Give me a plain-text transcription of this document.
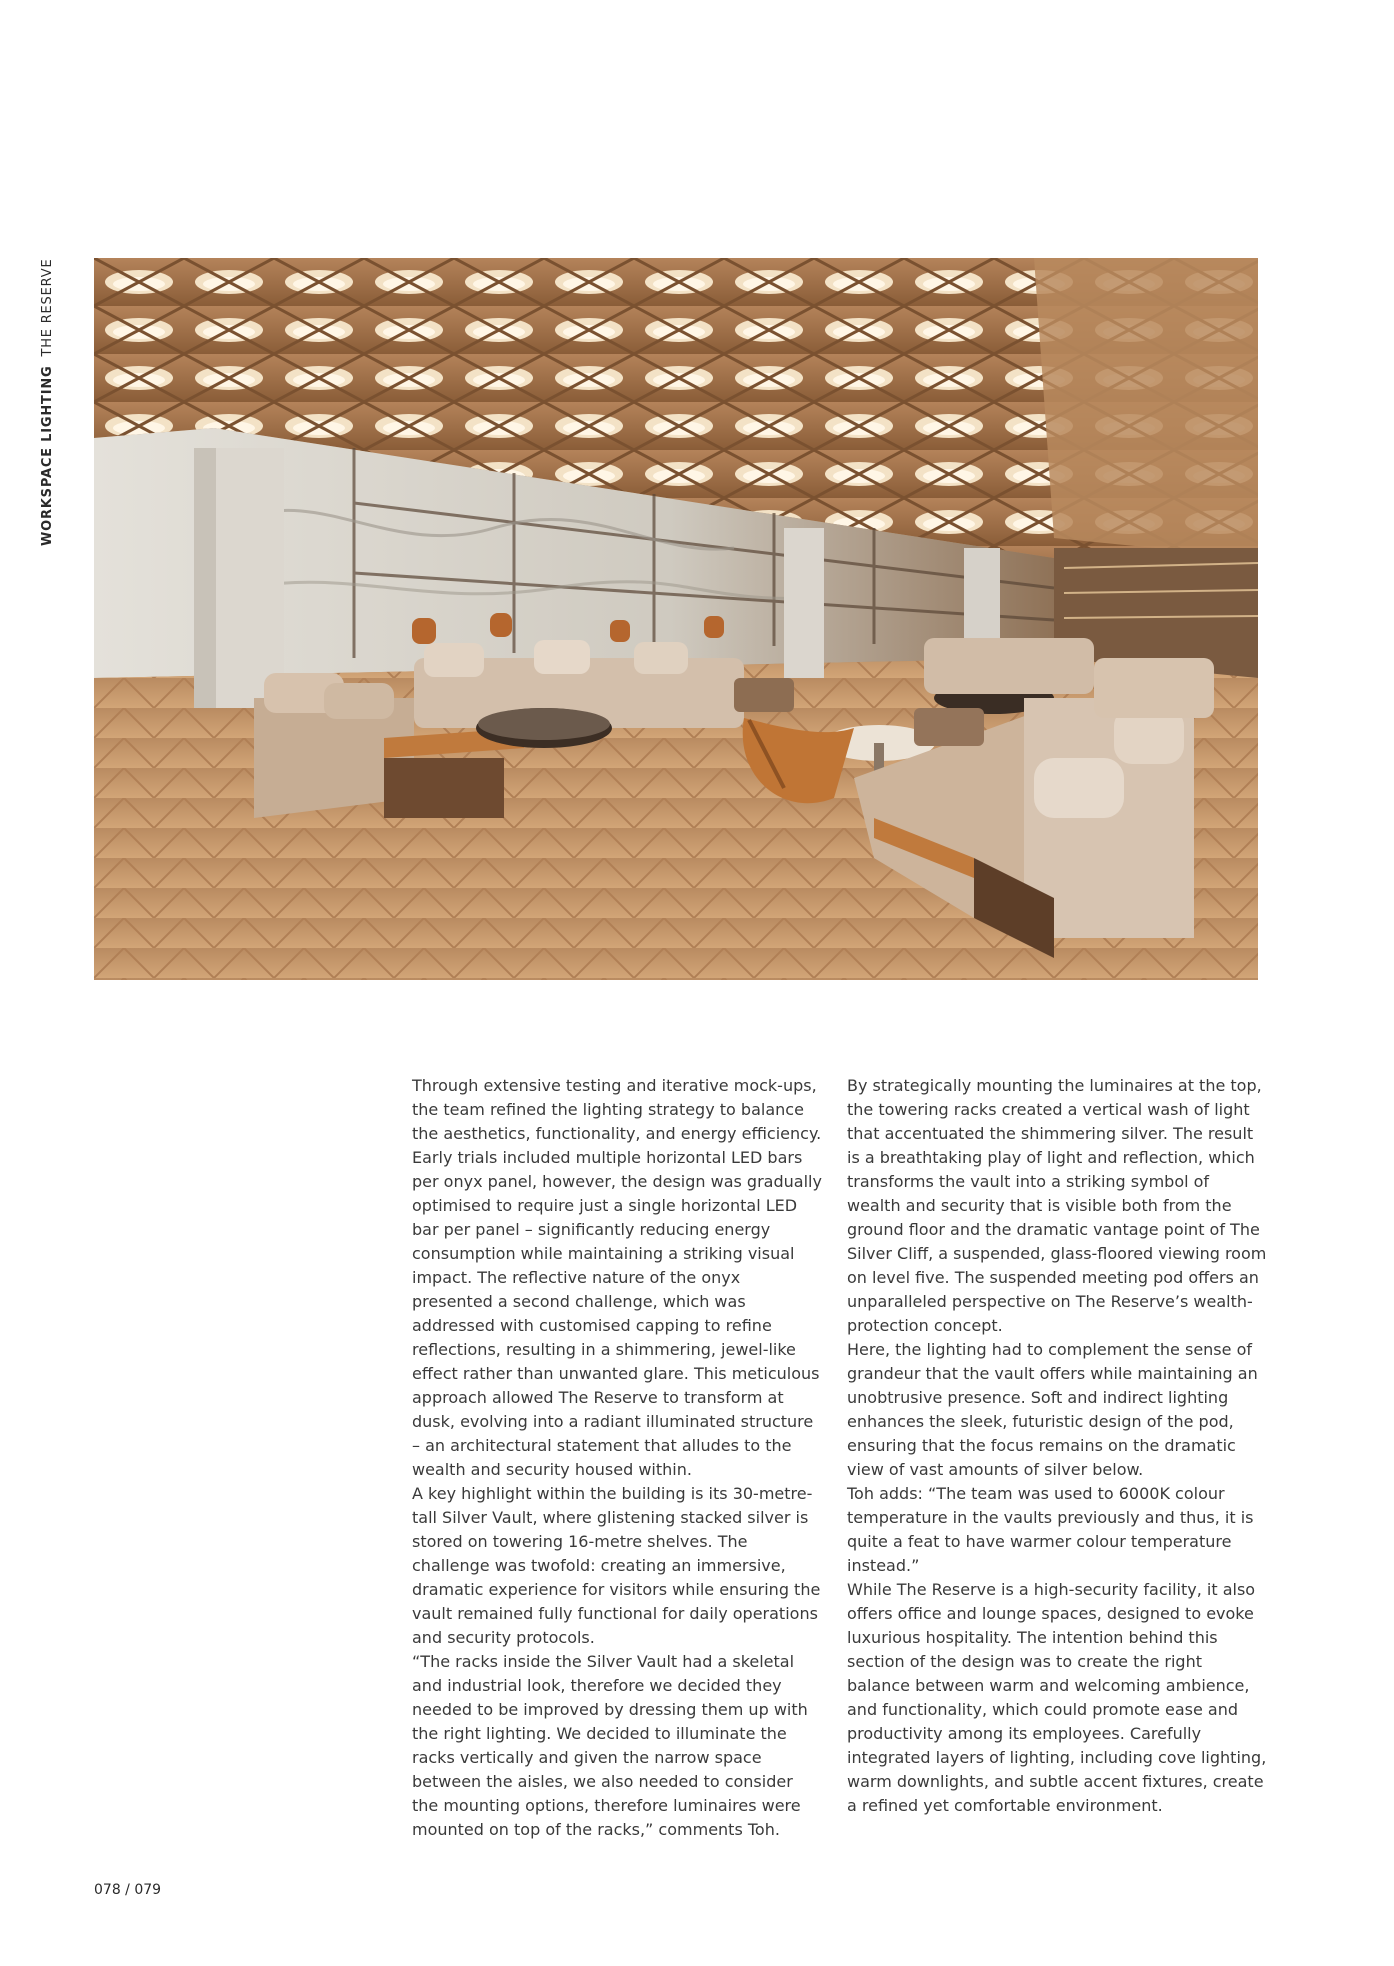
WORKSPACE LIGHTING THE RESERVE

Through extensive testing and iterative mock-ups, the team refined the lighting strategy to balance the aesthetics, functionality, and energy efficiency. Early trials included multiple horizontal LED bars per onyx panel, however, the design was gradually optimised to require just a single horizontal LED bar per panel – significantly reducing energy consumption while maintaining a striking visual impact. The reflective nature of the onyx presented a second challenge, which was addressed with customised capping to refine reflections, resulting in a shimmering, jewel-like effect rather than unwanted glare. This meticulous approach allowed The Reserve to transform at dusk, evolving into a radiant illuminated structure – an architectural statement that alludes to the wealth and security housed within.

A key highlight within the building is its 30-metre-tall Silver Vault, where glistening stacked silver is stored on towering 16-metre shelves. The challenge was twofold: creating an immersive, dramatic experience for visitors while ensuring the vault remained fully functional for daily operations and security protocols.

“The racks inside the Silver Vault had a skeletal and industrial look, therefore we decided they needed to be improved by dressing them up with the right lighting. We decided to illuminate the racks vertically and given the narrow space between the aisles, we also needed to consider the mounting options, therefore luminaires were mounted on top of the racks,” comments Toh.

By strategically mounting the luminaires at the top, the towering racks created a vertical wash of light that accentuated the shimmering silver. The result is a breathtaking play of light and reflection, which transforms the vault into a striking symbol of wealth and security that is visible both from the ground floor and the dramatic vantage point of The Silver Cliff, a suspended, glass-floored viewing room on level five. The suspended meeting pod offers an unparalleled perspective on The Reserve’s wealth-protection concept.

Here, the lighting had to complement the sense of grandeur that the vault offers while maintaining an unobtrusive presence. Soft and indirect lighting enhances the sleek, futuristic design of the pod, ensuring that the focus remains on the dramatic view of vast amounts of silver below.

Toh adds: “The team was used to 6000K colour temperature in the vaults previously and thus, it is quite a feat to have warmer colour temperature instead.”

While The Reserve is a high-security facility, it also offers office and lounge spaces, designed to evoke luxurious hospitality. The intention behind this section of the design was to create the right balance between warm and welcoming ambience, and functionality, which could promote ease and productivity among its employees. Carefully integrated layers of lighting, including cove lighting, warm downlights, and subtle accent fixtures, create a refined yet comfortable environment.

078 / 079
